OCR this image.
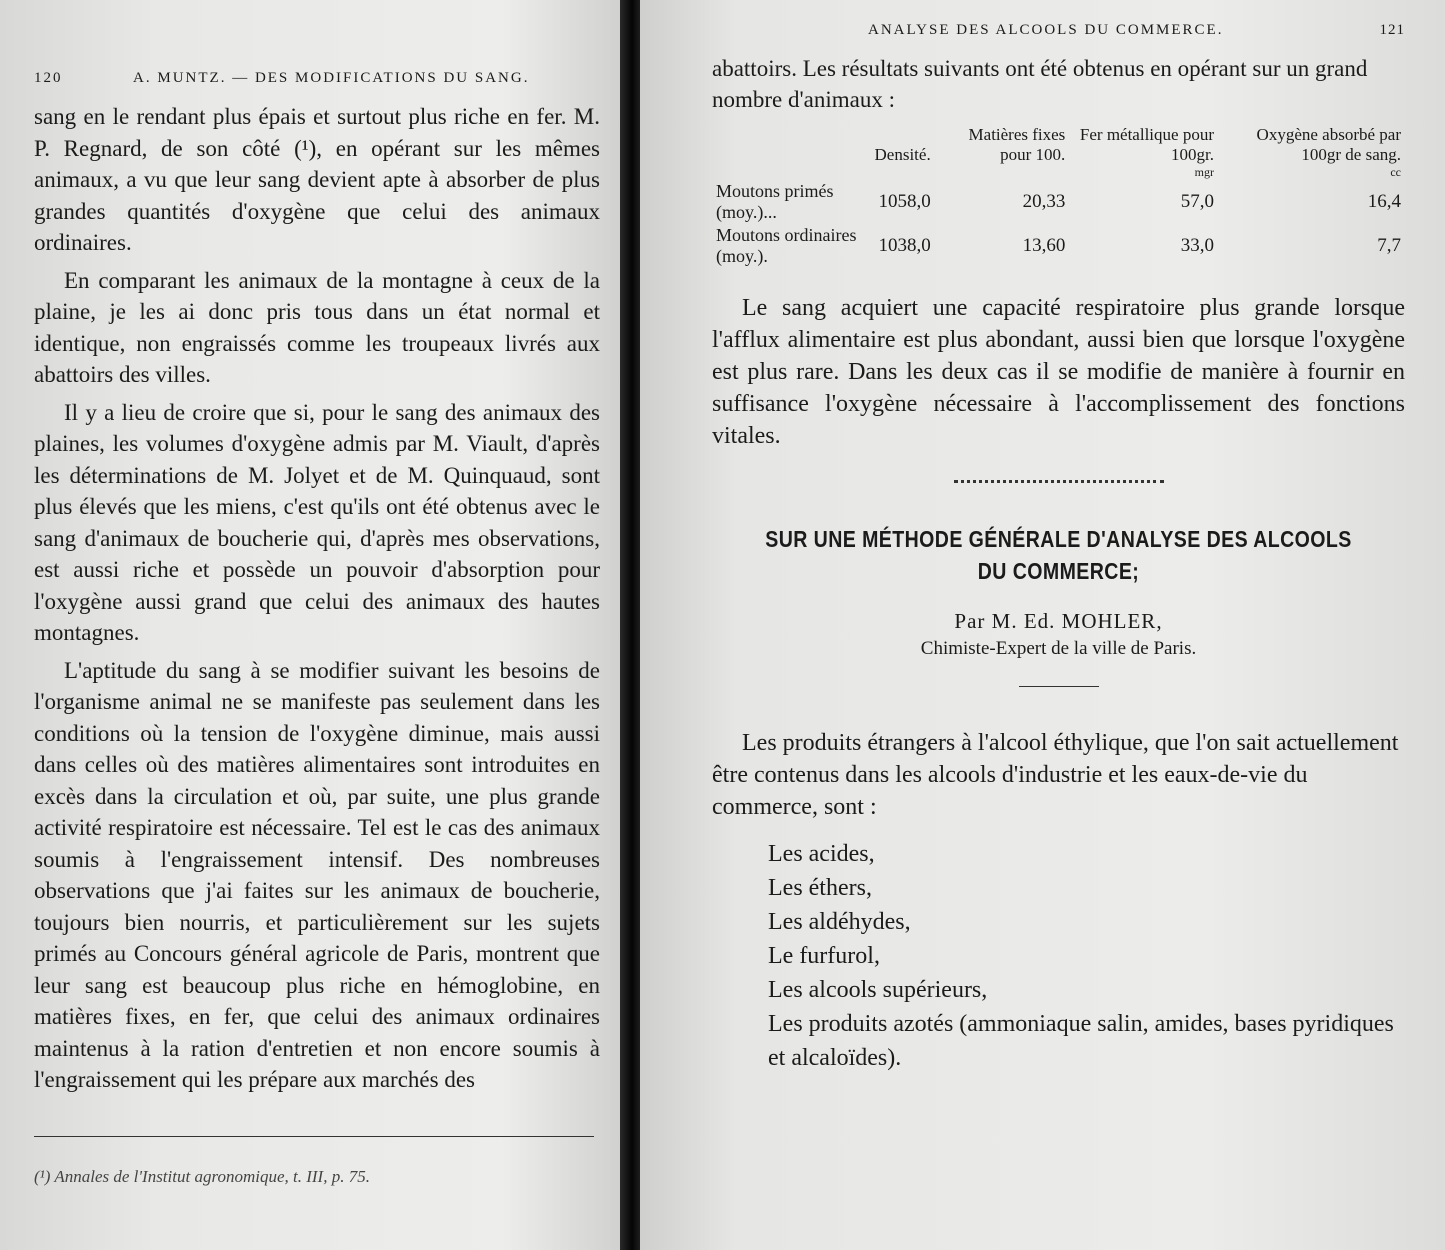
120	A. MUNTZ. — DES MODIFICATIONS DU SANG.

sang en le rendant plus épais et surtout plus riche en fer. M. P. Regnard, de son côté (¹), en opérant sur les mêmes animaux, a vu que leur sang devient apte à absorber de plus grandes quantités d'oxygène que celui des animaux ordinaires.

En comparant les animaux de la montagne à ceux de la plaine, je les ai donc pris tous dans un état normal et identique, non engraissés comme les troupeaux livrés aux abattoirs des villes.

Il y a lieu de croire que si, pour le sang des animaux des plaines, les volumes d'oxygène admis par M. Viault, d'après les déterminations de M. Jolyet et de M. Quinquaud, sont plus élevés que les miens, c'est qu'ils ont été obtenus avec le sang d'animaux de boucherie qui, d'après mes observations, est aussi riche et possède un pouvoir d'absorption pour l'oxygène aussi grand que celui des animaux des hautes montagnes.

L'aptitude du sang à se modifier suivant les besoins de l'organisme animal ne se manifeste pas seulement dans les conditions où la tension de l'oxygène diminue, mais aussi dans celles où des matières alimentaires sont introduites en excès dans la circulation et où, par suite, une plus grande activité respiratoire est nécessaire. Tel est le cas des animaux soumis à l'engraissement intensif. Des nombreuses observations que j'ai faites sur les animaux de boucherie, toujours bien nourris, et particulièrement sur les sujets primés au Concours général agricole de Paris, montrent que leur sang est beaucoup plus riche en hémoglobine, en matières fixes, en fer, que celui des animaux ordinaires maintenus à la ration d'entretien et non encore soumis à l'engraissement qui les prépare aux marchés des

(¹) Annales de l'Institut agronomique, t. III, p. 75.
ANALYSE DES ALCOOLS DU COMMERCE.	121

abattoirs. Les résultats suivants ont été obtenus en opérant sur un grand nombre d'animaux :

	Densité.	Matières fixes pour 100.	Fer métallique pour 100gr.	Oxygène absorbé par 100gr de sang.
			mgr	cc
Moutons primés (moy.)...	1058,0	20,33	57,0	16,4
Moutons ordinaires (moy.).	1038,0	13,60	33,0	7,7

Le sang acquiert une capacité respiratoire plus grande lorsque l'afflux alimentaire est plus abondant, aussi bien que lorsque l'oxygène est plus rare. Dans les deux cas il se modifie de manière à fournir en suffisance l'oxygène nécessaire à l'accomplissement des fonctions vitales.

SUR UNE MÉTHODE GÉNÉRALE D'ANALYSE DES ALCOOLS

DU COMMERCE;

Par M. Ed. MOHLER,

Chimiste-Expert de la ville de Paris.

Les produits étrangers à l'alcool éthylique, que l'on sait actuellement être contenus dans les alcools d'industrie et les eaux-de-vie du commerce, sont :

Les acides,
Les éthers,
Les aldéhydes,
Le furfurol,
Les alcools supérieurs,
Les produits azotés (ammoniaque salin, amides, bases pyridiques et alcaloïdes).
